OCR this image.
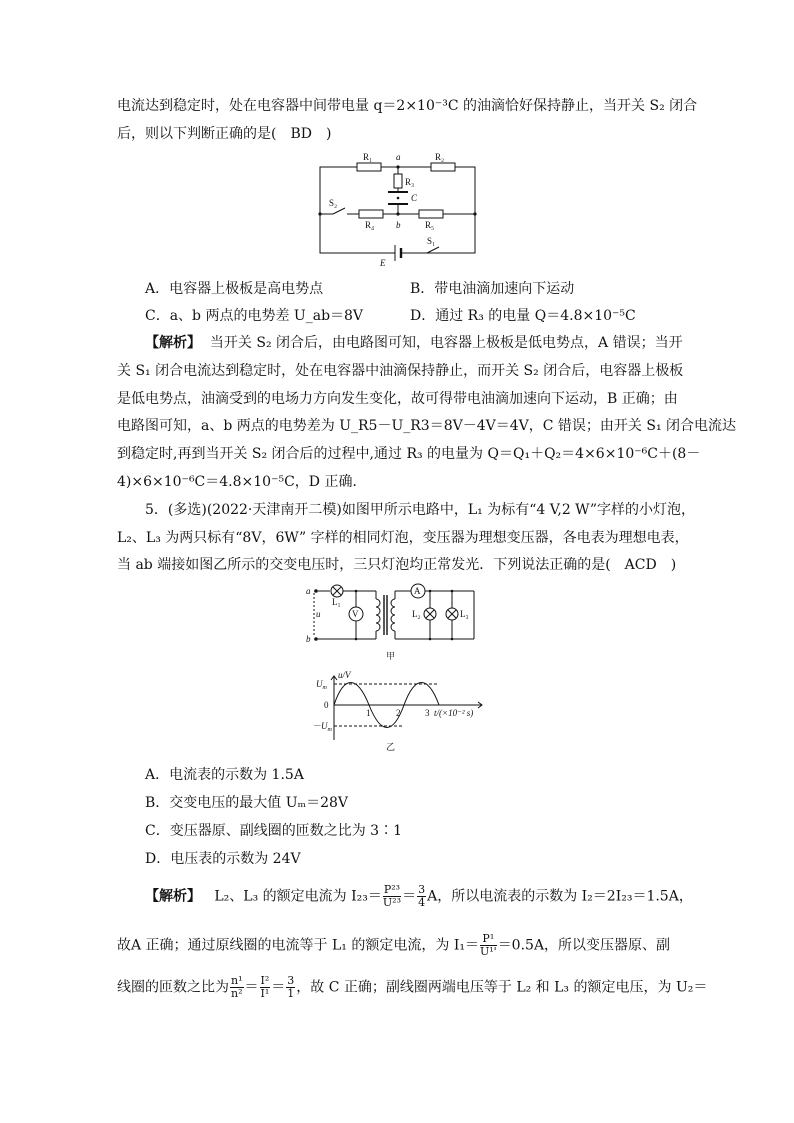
电流达到稳定时，处在电容器中间带电量 q＝2×10⁻³C 的油滴恰好保持静止，当开关 S₂ 闭合
后，则以下判断正确的是(　BD　)
R₁	a	R₂
R₃
C
S₂
R₄ b	R₅
S₁
E
A．电容器上极板是高电势点	B．带电油滴加速向下运动
C．a、b 两点的电势差 U_ab＝8V	D．通过 R₃ 的电量 Q＝4.8×10⁻⁵C
【解析】 当开关 S₂ 闭合后，由电路图可知，电容器上极板是低电势点，A 错误；当开
关 S₁ 闭合电流达到稳定时，处在电容器中油滴保持静止，而开关 S₂ 闭合后，电容器上极板
是低电势点，油滴受到的电场力方向发生变化，故可得带电油滴加速向下运动，B 正确；由
电路图可知，a、b 两点的电势差为 U_R5－U_R3＝8V－4V＝4V，C 错误；由开关 S₁ 闭合电流达
到稳定时,再到当开关 S₂ 闭合后的过程中,通过 R₃ 的电量为 Q＝Q₁＋Q₂＝4×6×10⁻⁶C＋(8－
4)×6×10⁻⁶C＝4.8×10⁻⁵C，D 正确．
5．(多选)(2022·天津南开二模)如图甲所示电路中，L₁ 为标有“4 V,2 W”字样的小灯泡，
L₂、L₃ 为两只标有“8V，6W” 字样的相同灯泡，变压器为理想变压器，各电表为理想电表，
当 ab 端接如图乙所示的交变电压时，三只灯泡均正常发光．下列说法正确的是(　ACD　)
a
b
u
L₁
V
A
L₂	L₃
甲
u/V
$U_m$
0
$-U_m$
1	2	3 t/(×10⁻² s)
乙
A．电流表的示数为 1.5A
B．交变电压的最大值 Uₘ＝28V
C．变压器原、副线圈的匝数之比为 3∶1
D．电压表的示数为 24V
【解析】 L₂、L₃ 的额定电流为 $I_{23}= \frac{\text{P²³}}{\text{U²³}} = \frac{3}{4}$ A，所以电流表的示数为 I₂＝2I₂₃＝1.5A，
故A 正确；通过原线圈的电流等于 L₁ 的额定电流，为 $I_1= \frac{\text{P¹}}{\text{U¹'}} =0.5A$，所以变压器原、副
线圈的匝数之比为 $\frac{\text{n¹}}{\text{n²}} = \frac{\text{I²}}{\text{I¹}} = \frac{3}{1}$ ，故 C 正确；副线圈两端电压等于 L₂ 和 L₃ 的额定电压，为 U₂＝
